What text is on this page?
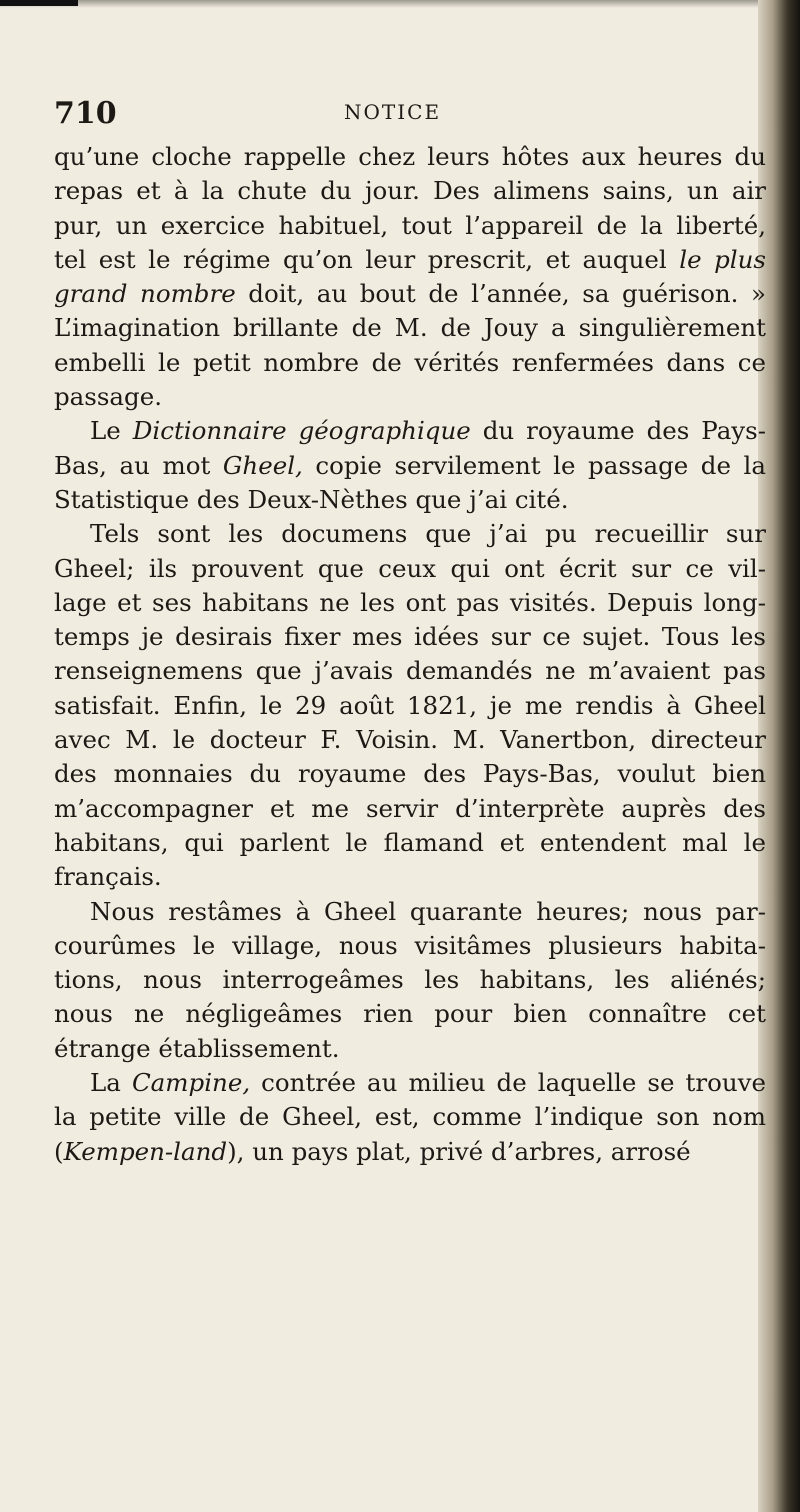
710	NOTICE
qu’une cloche rappelle chez leurs hôtes aux heures du
repas et à la chute du jour. Des alimens sains, un air
pur, un exercice habituel, tout l’appareil de la liberté,
tel est le régime qu’on leur prescrit, et auquel le plus
grand nombre doit, au bout de l’année, sa guérison. »
L’imagination brillante de M. de Jouy a singulièrement
embelli le petit nombre de vérités renfermées dans ce
passage.
Le Dictionnaire géographique du royaume des Pays-
Bas, au mot Gheel, copie servilement le passage de la
Statistique des Deux-Nèthes que j’ai cité.
Tels sont les documens que j’ai pu recueillir sur
Gheel; ils prouvent que ceux qui ont écrit sur ce vil-
lage et ses habitans ne les ont pas visités. Depuis long-
temps je desirais fixer mes idées sur ce sujet. Tous les
renseignemens que j’avais demandés ne m’avaient pas
satisfait. Enfin, le 29 août 1821, je me rendis à Gheel
avec M. le docteur F. Voisin. M. Vanertbon, directeur
des monnaies du royaume des Pays-Bas, voulut bien
m’accompagner et me servir d’interprète auprès des
habitans, qui parlent le flamand et entendent mal le
français.
Nous restâmes à Gheel quarante heures; nous par-
courûmes le village, nous visitâmes plusieurs habita-
tions, nous interrogeâmes les habitans, les aliénés;
nous ne négligeâmes rien pour bien connaître cet
étrange établissement.
La Campine, contrée au milieu de laquelle se trouve
la petite ville de Gheel, est, comme l’indique son nom
(Kempen-land), un pays plat, privé d’arbres, arrosé
